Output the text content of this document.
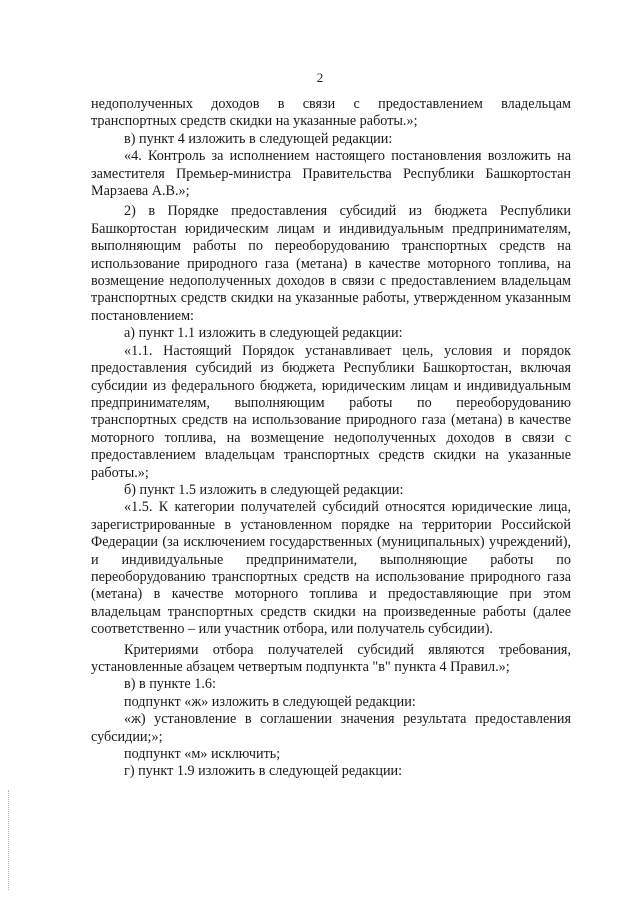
2

недополученных доходов в связи с предоставлением владельцам транспортных средств скидки на указанные работы.»;

в) пункт 4 изложить в следующей редакции:

«4. Контроль за исполнением настоящего постановления возложить на заместителя Премьер-министра Правительства Республики Башкортостан Марзаева А.В.»;

2) в Порядке предоставления субсидий из бюджета Республики Башкортостан юридическим лицам и индивидуальным предпринимателям, выполняющим работы по переоборудованию транспортных средств на использование природного газа (метана) в качестве моторного топлива, на возмещение недополученных доходов в связи с предоставлением владельцам транспортных средств скидки на указанные работы, утвержденном указанным постановлением:

а) пункт 1.1 изложить в следующей редакции:

«1.1. Настоящий Порядок устанавливает цель, условия и порядок предоставления субсидий из бюджета Республики Башкортостан, включая субсидии из федерального бюджета, юридическим лицам и индивидуальным предпринимателям, выполняющим работы по переоборудованию транспортных средств на использование природного газа (метана) в качестве моторного топлива, на возмещение недополученных доходов в связи с предоставлением владельцам транспортных средств скидки на указанные работы.»;

б) пункт 1.5 изложить в следующей редакции:

«1.5. К категории получателей субсидий относятся юридические лица, зарегистрированные в установленном порядке на территории Российской Федерации (за исключением государственных (муниципальных) учреждений), и индивидуальные предприниматели, выполняющие работы по переоборудованию транспортных средств на использование природного газа (метана) в качестве моторного топлива и предоставляющие при этом владельцам транспортных средств скидки на произведенные работы (далее соответственно – или участник отбора, или получатель субсидии).

Критериями отбора получателей субсидий являются требования, установленные абзацем четвертым подпункта "в" пункта 4 Правил.»;

в) в пункте 1.6:

подпункт «ж» изложить в следующей редакции:

«ж) установление в соглашении значения результата предоставления субсидии;»;

подпункт «м» исключить;

г) пункт 1.9 изложить в следующей редакции:
